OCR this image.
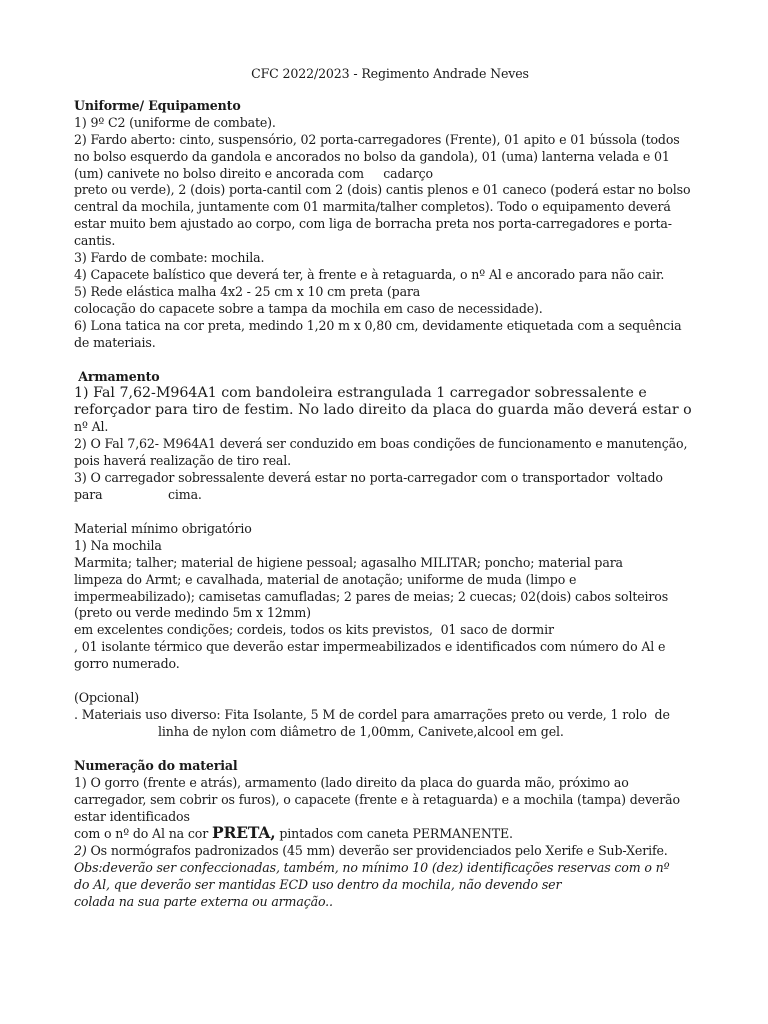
CFC 2022/2023 - Regimento Andrade Neves
Uniforme/ Equipamento
1) 9º C2 (uniforme de combate).
2) Fardo aberto: cinto, suspensório, 02 porta-carregadores (Frente), 01 apito e 01 bússola (todos
no bolso esquerdo da gandola e ancorados no bolso da gandola), 01 (uma) lanterna velada e 01
(um) canivete no bolso direito e ancorada com     cadarço
preto ou verde), 2 (dois) porta-cantil com 2 (dois) cantis plenos e 01 caneco (poderá estar no bolso
central da mochila, juntamente com 01 marmita/talher completos). Todo o equipamento deverá
estar muito bem ajustado ao corpo, com liga de borracha preta nos porta-carregadores e porta-
cantis.
3) Fardo de combate: mochila.
4) Capacete balístico que deverá ter, à frente e à retaguarda, o nº Al e ancorado para não cair.
5) Rede elástica malha 4x2 - 25 cm x 10 cm preta (para
colocação do capacete sobre a tampa da mochila em caso de necessidade).
6) Lona tatica na cor preta, medindo 1,20 m x 0,80 cm, devidamente etiquetada com a sequência
de materiais.
Armamento
1) Fal 7,62-M964A1 com bandoleira estrangulada 1 carregador sobressalente e
reforçador para tiro de festim. No lado direito da placa do guarda mão deverá estar o
nº Al.
2) O Fal 7,62- M964A1 deverá ser conduzido em boas condições de funcionamento e manutenção,
pois haverá realização de tiro real.
3) O carregador sobressalente deverá estar no porta-carregador com o transportador  voltado
para                 cima.
Material mínimo obrigatório
1) Na mochila
Marmita; talher; material de higiene pessoal; agasalho MILITAR; poncho; material para
limpeza do Armt; e cavalhada, material de anotação; uniforme de muda (limpo e
impermeabilizado); camisetas camufladas; 2 pares de meias; 2 cuecas; 02(dois) cabos solteiros
(preto ou verde medindo 5m x 12mm)
em excelentes condições; cordeis, todos os kits previstos,  01 saco de dormir
, 01 isolante térmico que deverão estar impermeabilizados e identificados com número do Al e
gorro numerado.
(Opcional)
. Materiais uso diverso: Fita Isolante, 5 M de cordel para amarrações preto ou verde, 1 rolo  de
linha de nylon com diâmetro de 1,00mm, Canivete,alcool em gel.
Numeração do material
1) O gorro (frente e atrás), armamento (lado direito da placa do guarda mão, próximo ao
carregador, sem cobrir os furos), o capacete (frente e à retaguarda) e a mochila (tampa) deverão
estar identificados
com o nº do Al na cor PRETA, pintados com caneta PERMANENTE.
2) Os normógrafos padronizados (45 mm) deverão ser providenciados pelo Xerife e Sub-Xerife.
Obs:deverão ser confeccionadas, também, no mínimo 10 (dez) identificações reservas com o nº
do Al, que deverão ser mantidas ECD uso dentro da mochila, não devendo ser
colada na sua parte externa ou armação..
